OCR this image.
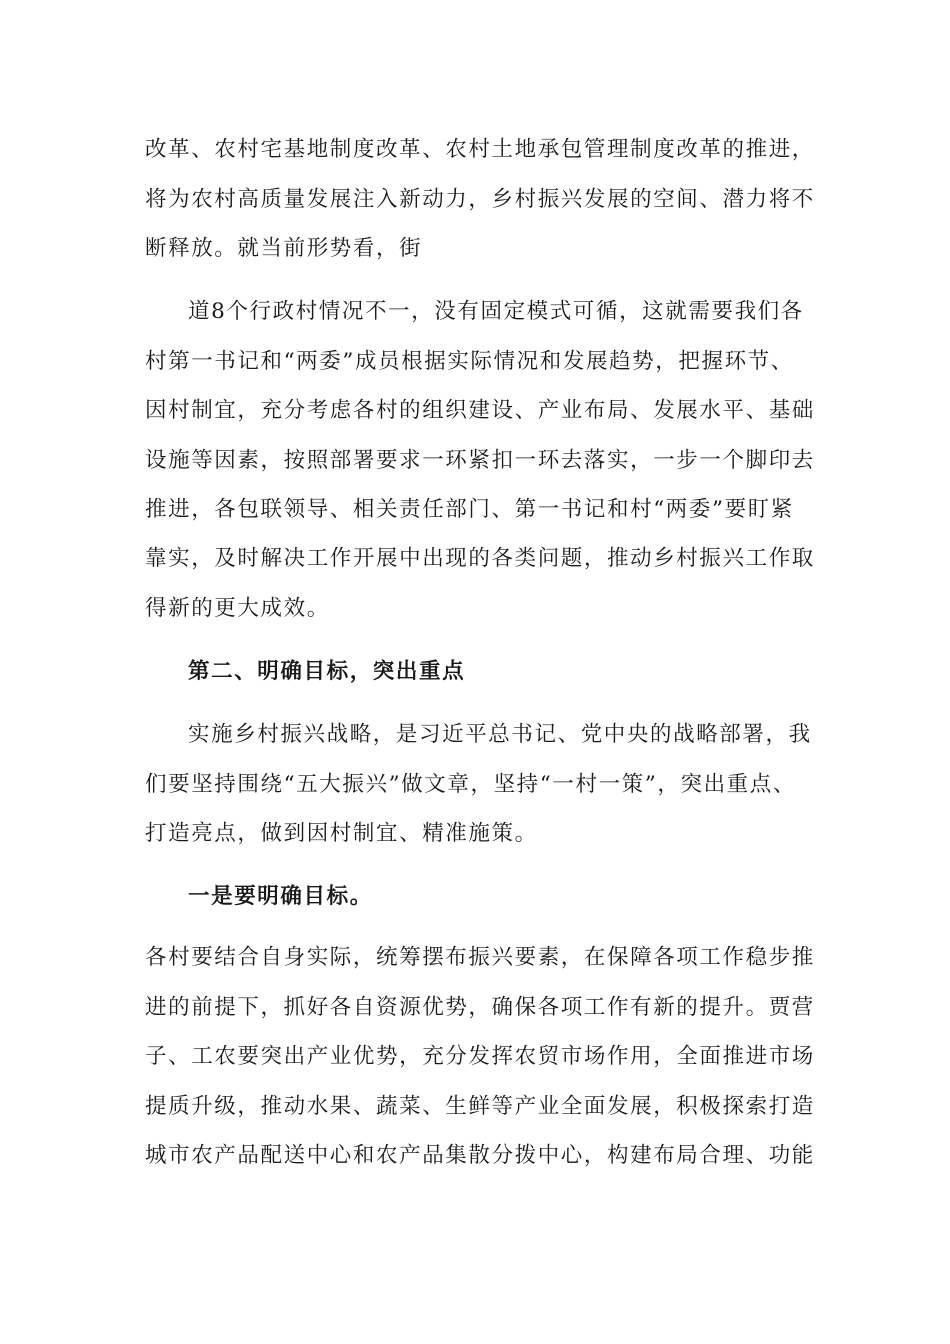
改革、农村宅基地制度改革、农村土地承包管理制度改革的推进，
将为农村高质量发展注入新动力，乡村振兴发展的空间、潜力将不
断释放。就当前形势看，街
道8个行政村情况不一，没有固定模式可循，这就需要我们各
村第一书记和“两委”成员根据实际情况和发展趋势，把握环节、
因村制宜，充分考虑各村的组织建设、产业布局、发展水平、基础
设施等因素，按照部署要求一环紧扣一环去落实，一步一个脚印去
推进，各包联领导、相关责任部门、第一书记和村“两委”要盯紧
靠实，及时解决工作开展中出现的各类问题，推动乡村振兴工作取
得新的更大成效。
第二、明确目标，突出重点
实施乡村振兴战略，是习近平总书记、党中央的战略部署，我
们要坚持围绕“五大振兴”做文章，坚持“一村一策”，突出重点、
打造亮点，做到因村制宜、精准施策。
一是要明确目标。
各村要结合自身实际，统筹摆布振兴要素，在保障各项工作稳步推
进的前提下，抓好各自资源优势，确保各项工作有新的提升。贾营
子、工农要突出产业优势，充分发挥农贸市场作用，全面推进市场
提质升级，推动水果、蔬菜、生鲜等产业全面发展，积极探索打造
城市农产品配送中心和农产品集散分拨中心，构建布局合理、功能
